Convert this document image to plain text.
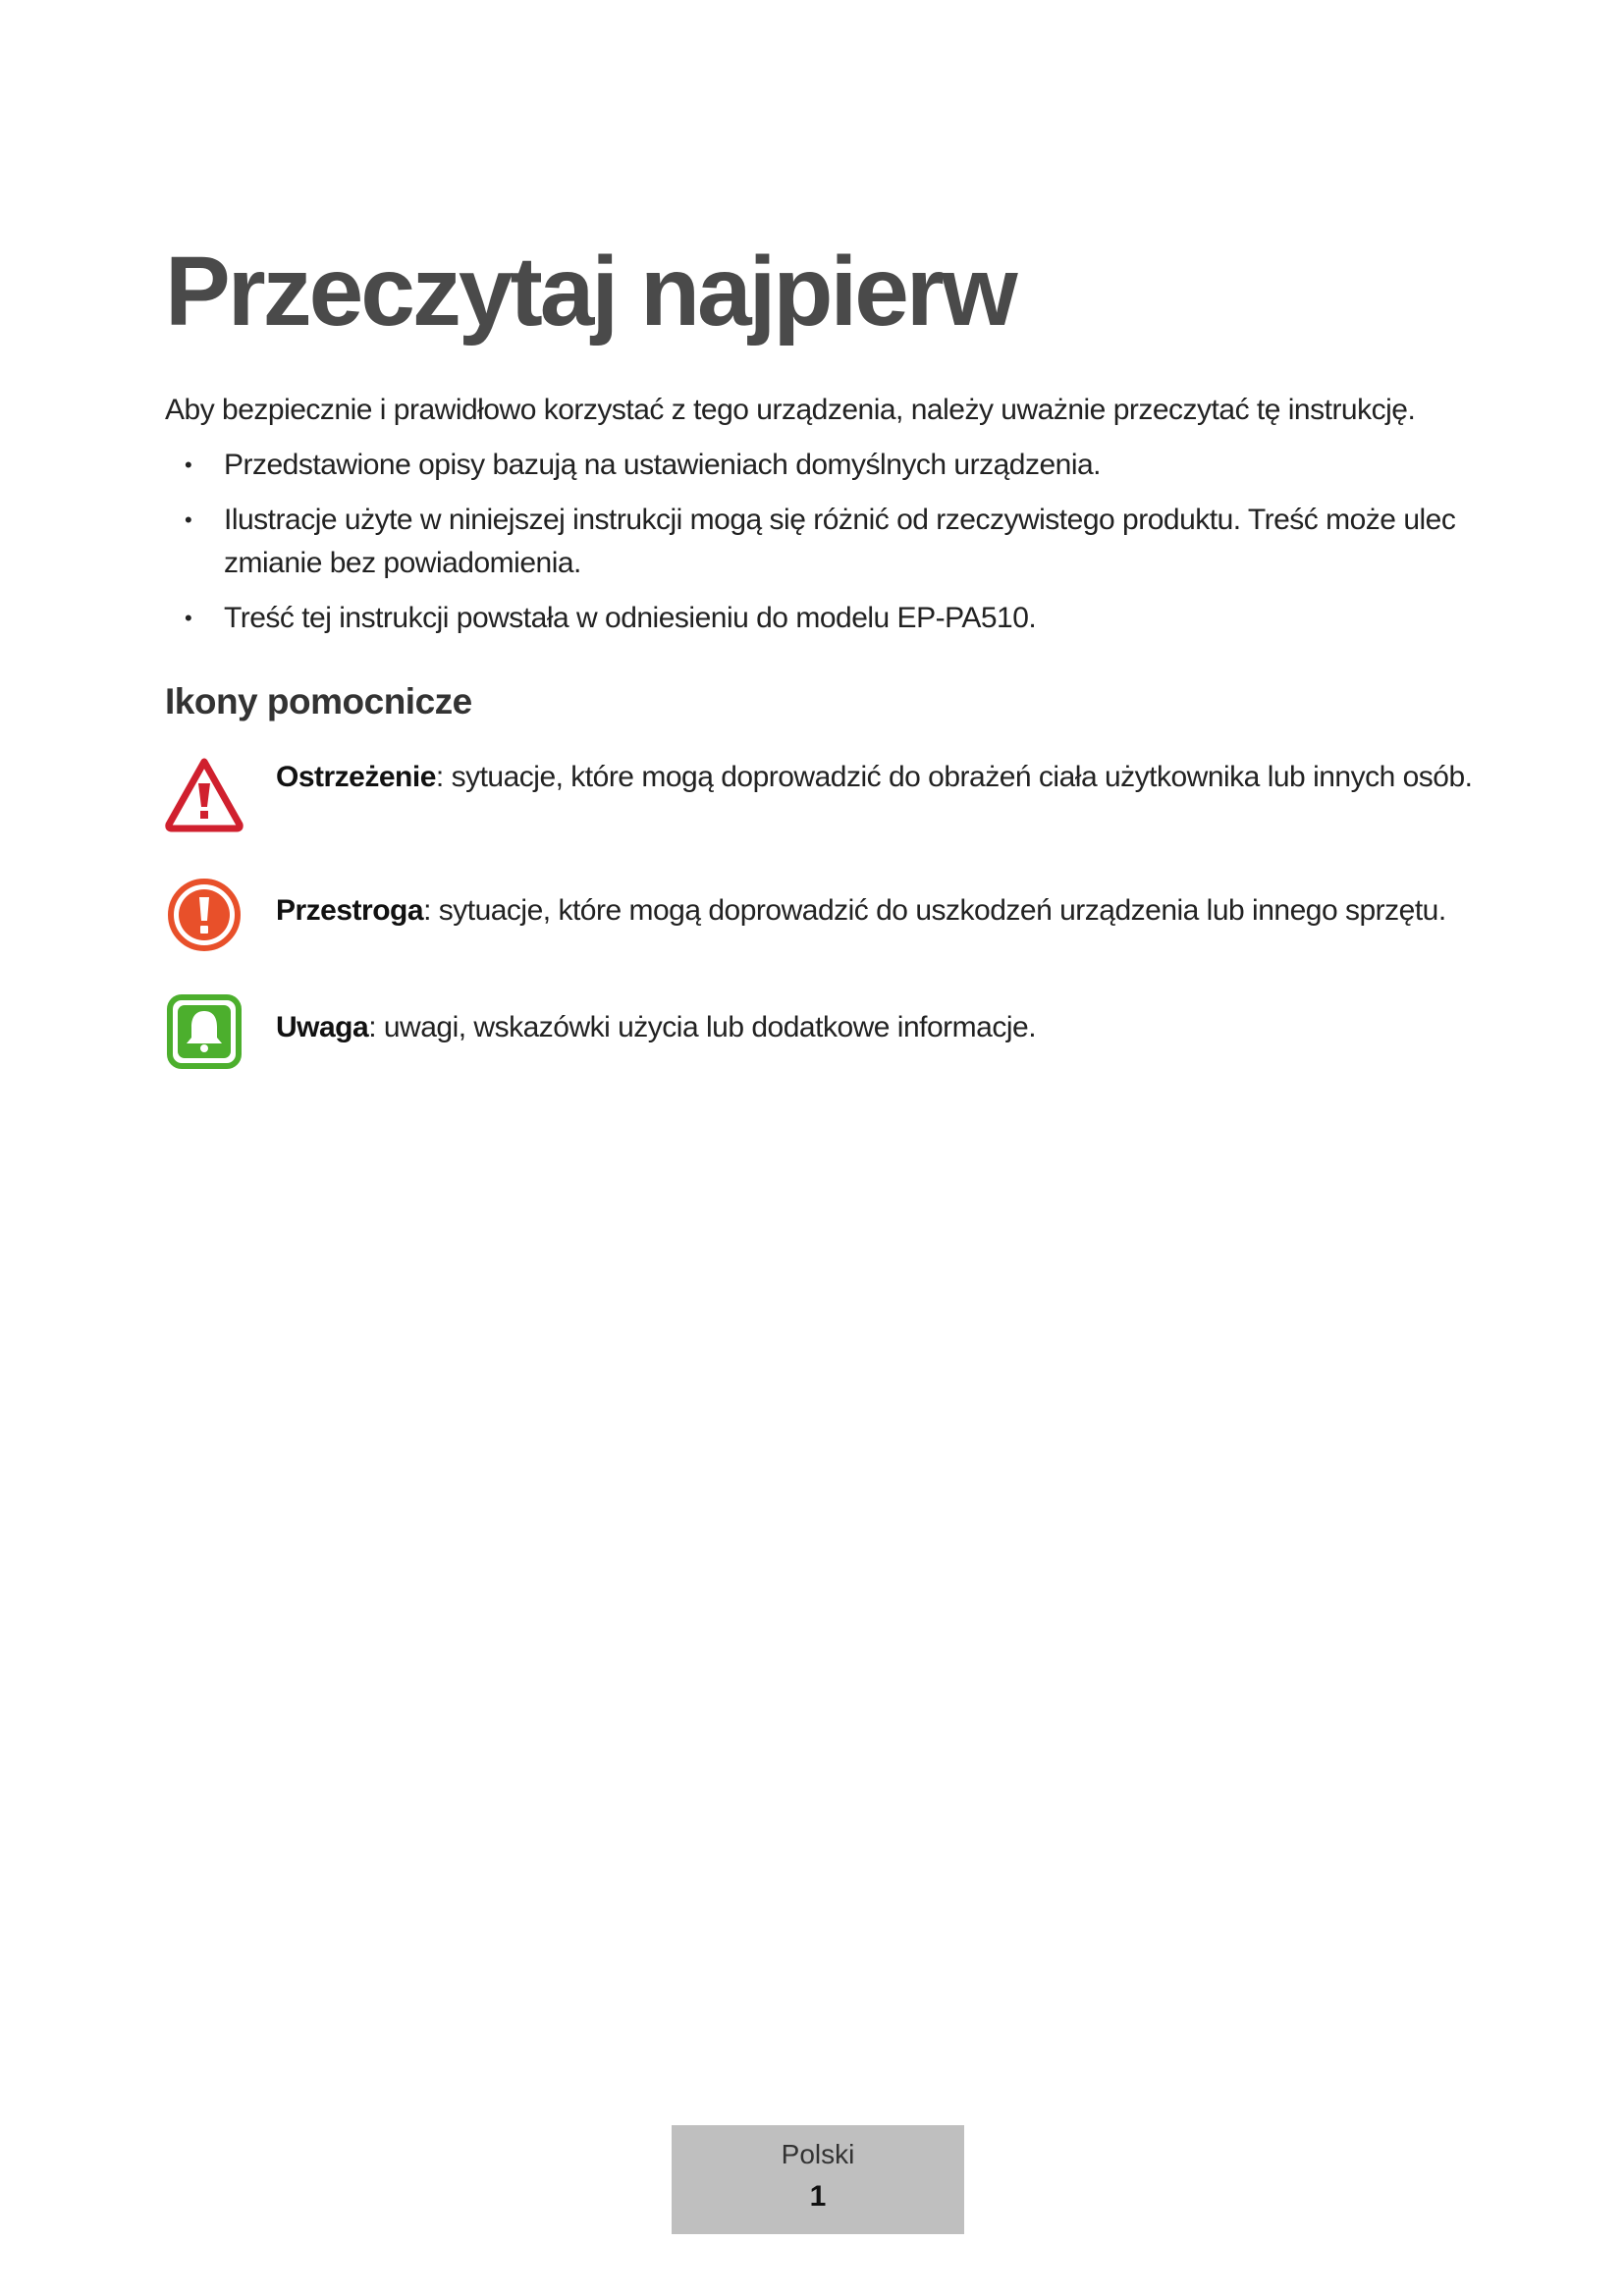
Przeczytaj najpierw

Aby bezpiecznie i prawidłowo korzystać z tego urządzenia, należy uważnie przeczytać tę instrukcję.

• Przedstawione opisy bazują na ustawieniach domyślnych urządzenia.
• Ilustracje użyte w niniejszej instrukcji mogą się różnić od rzeczywistego produktu. Treść może ulec zmianie bez powiadomienia.
• Treść tej instrukcji powstała w odniesieniu do modelu EP-PA510.
Ikony pomocnicze
Ostrzeżenie: sytuacje, które mogą doprowadzić do obrażeń ciała użytkownika lub innych osób.
Przestroga: sytuacje, które mogą doprowadzić do uszkodzeń urządzenia lub innego sprzętu.
Uwaga: uwagi, wskazówki użycia lub dodatkowe informacje.
Polski
1
